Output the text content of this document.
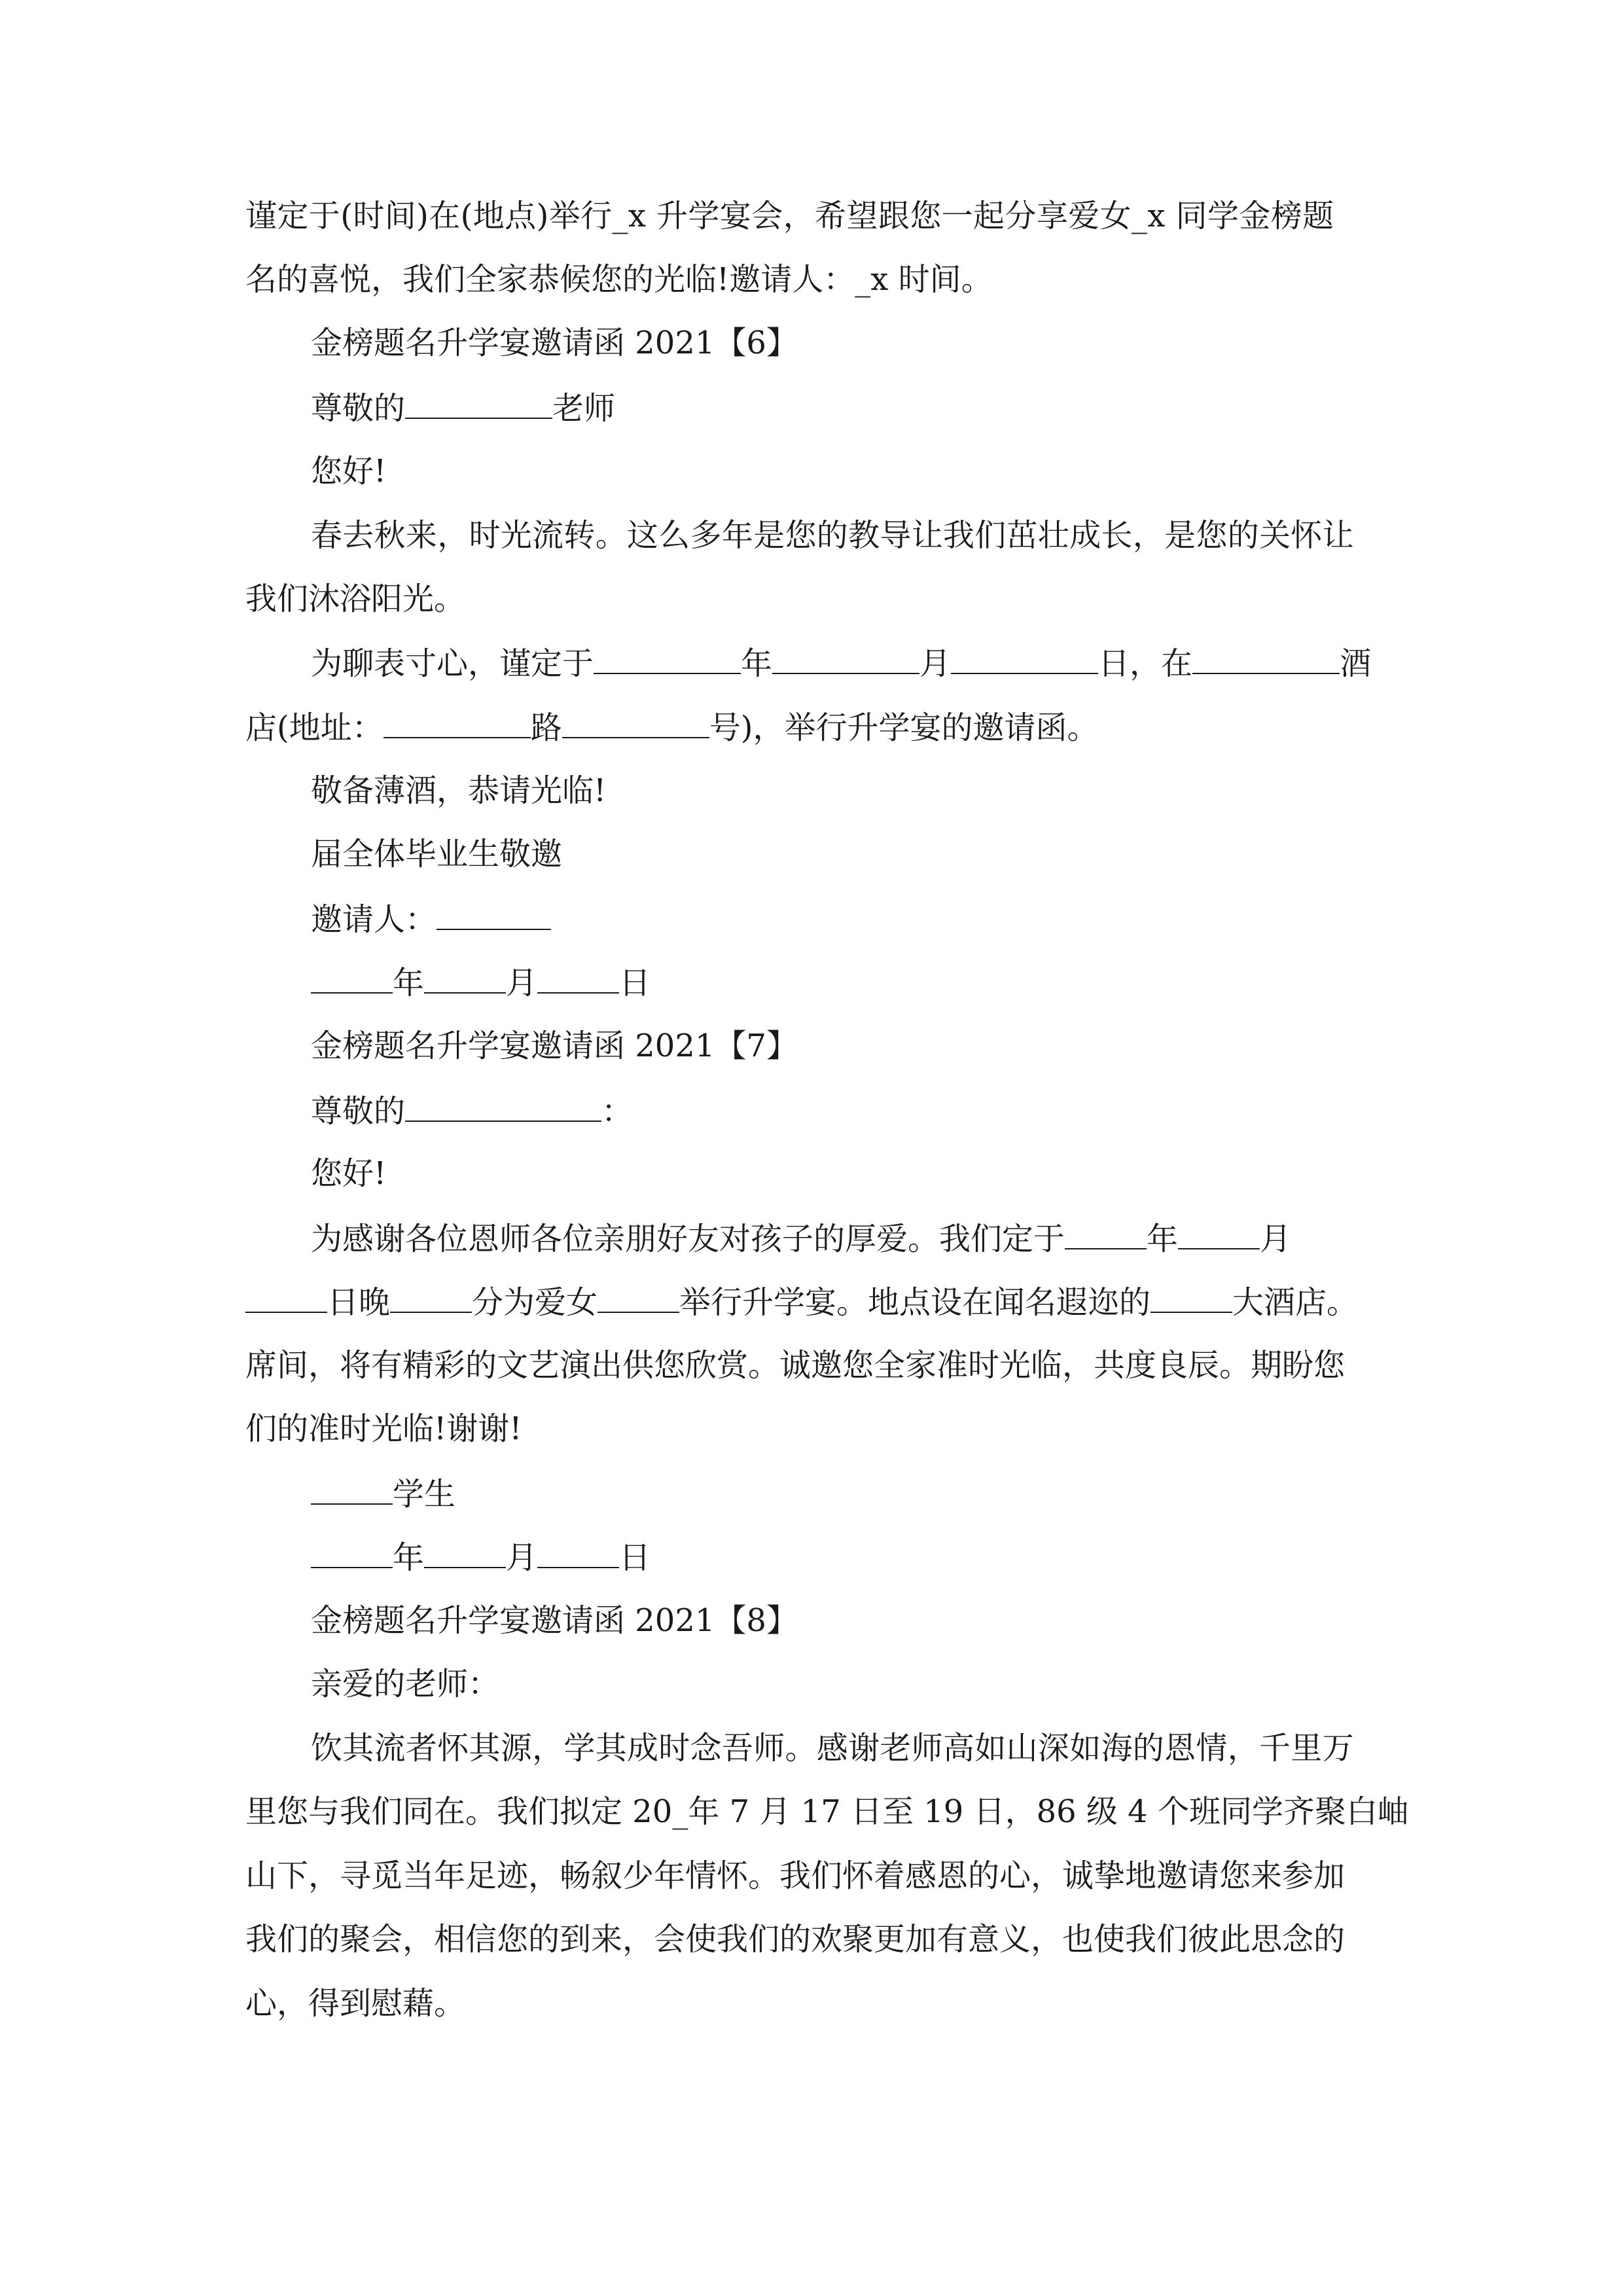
谨定于(时间)在(地点)举行_x 升学宴会，希望跟您一起分享爱女_x 同学金榜题
名的喜悦，我们全家恭候您的光临!邀请人：_x 时间。
金榜题名升学宴邀请函 2021【6】
尊敬的	老师
您好!
春去秋来，时光流转。这么多年是您的教导让我们茁壮成长，是您的关怀让
我们沐浴阳光。
为聊表寸心，谨定于	年	月	日，在	酒
店(地址：	路	号)，举行升学宴的邀请函。
敬备薄酒，恭请光临!
届全体毕业生敬邀
邀请人：
年	月	日
金榜题名升学宴邀请函 2021【7】
尊敬的	：
您好!
为感谢各位恩师各位亲朋好友对孩子的厚爱。我们定于	年	月
日晚	分为爱女	举行升学宴。地点设在闻名遐迩的	大酒店。
席间，将有精彩的文艺演出供您欣赏。诚邀您全家准时光临，共度良辰。期盼您
们的准时光临!谢谢!
学生
年	月	日
金榜题名升学宴邀请函 2021【8】
亲爱的老师：
饮其流者怀其源，学其成时念吾师。感谢老师高如山深如海的恩情，千里万
里您与我们同在。我们拟定 20_年 7 月 17 日至 19 日，86 级 4 个班同学齐聚白岫
山下，寻觅当年足迹，畅叙少年情怀。我们怀着感恩的心，诚挚地邀请您来参加
我们的聚会，相信您的到来，会使我们的欢聚更加有意义，也使我们彼此思念的
心，得到慰藉。
